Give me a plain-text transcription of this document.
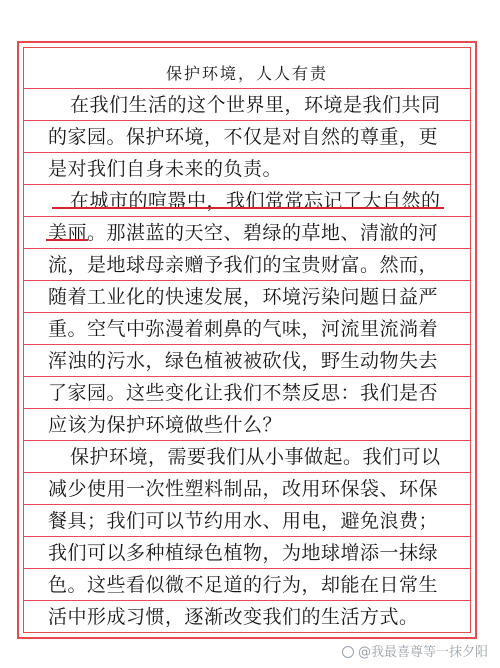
保护环境，人人有责
在我们生活的这个世界里，环境是我们共同
的家园。保护环境，不仅是对自然的尊重，更
是对我们自身未来的负责。
在城市的喧嚣中，我们常常忘记了大自然的
美丽。那湛蓝的天空、碧绿的草地、清澈的河
流，是地球母亲赠予我们的宝贵财富。然而，
随着工业化的快速发展，环境污染问题日益严
重。空气中弥漫着刺鼻的气味，河流里流淌着
浑浊的污水，绿色植被被砍伐，野生动物失去
了家园。这些变化让我们不禁反思：我们是否
应该为保护环境做些什么？
保护环境，需要我们从小事做起。我们可以
减少使用一次性塑料制品，改用环保袋、环保
餐具；我们可以节约用水、用电，避免浪费；
我们可以多种植绿色植物，为地球增添一抹绿
色。这些看似微不足道的行为，却能在日常生
活中形成习惯，逐渐改变我们的生活方式。
@我最喜尊等一抹夕阳
